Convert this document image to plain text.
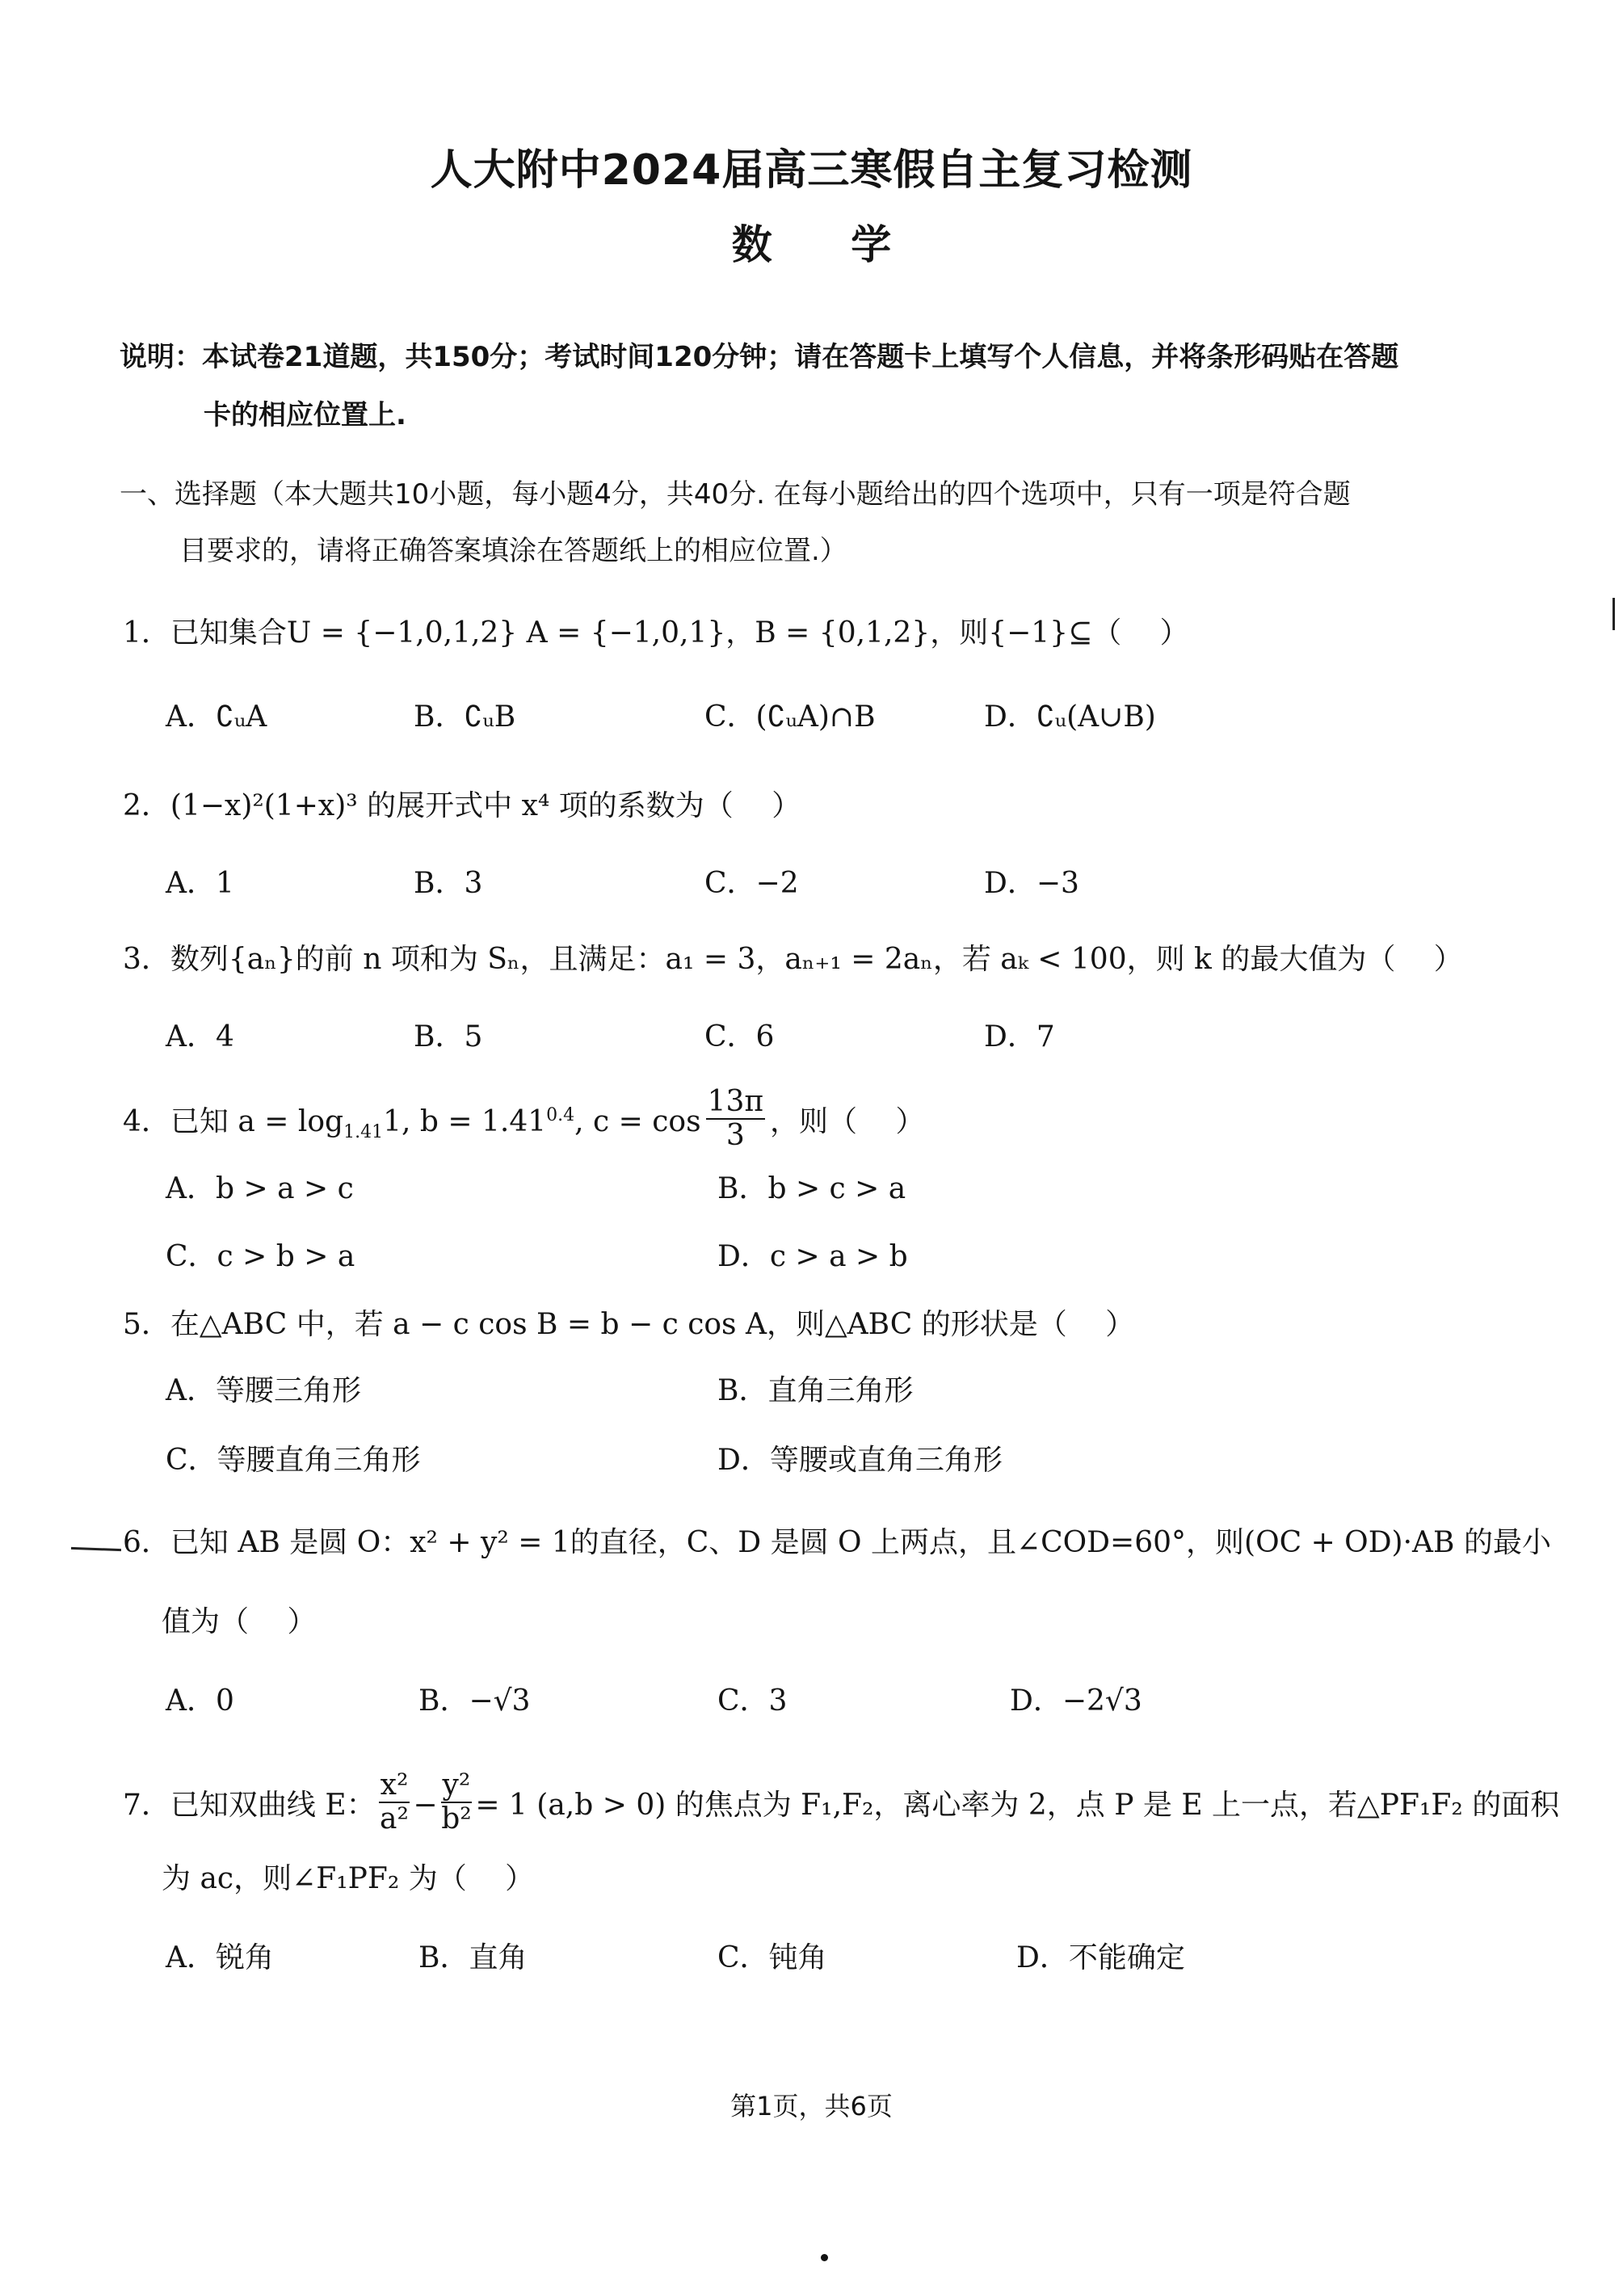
人大附中2024届高三寒假自主复习检测
数 学
说明：本试卷21道题，共150分；考试时间120分钟；请在答题卡上填写个人信息，并将条形码贴在答题
卡的相应位置上.
一、选择题（本大题共10小题，每小题4分，共40分. 在每小题给出的四个选项中，只有一项是符合题
目要求的，请将正确答案填涂在答题纸上的相应位置.）
1．已知集合U = {−1,0,1,2} A = {−1,0,1}，B = {0,1,2}，则{−1}⊆（　 ）
A．∁ᵤA	B．∁ᵤB	C．(∁ᵤA)∩B	D．∁ᵤ(A∪B)
2．(1−x)²(1+x)³ 的展开式中 x⁴ 项的系数为（　 ）
A．1	B．3	C．−2	D．−3
3．数列{aₙ}的前 n 项和为 Sₙ，且满足：a₁ = 3，aₙ₊₁ = 2aₙ，若 aₖ < 100，则 k 的最大值为（　 ）
A．4	B．5	C．6	D．7
4．已知 $a = \log_{1.41}1$, $b = 1.41^{0.4}$, $c = \cos \frac{13\pi}{3}$ ，则（　 ）
A．b > a > c	B．b > c > a
C．c > b > a	D．c > a > b
5．在△ABC 中，若 a − c cos B = b − c cos A，则△ABC 的形状是（　 ）
A．等腰三角形	B．直角三角形
C．等腰直角三角形	D．等腰或直角三角形
6．已知 AB 是圆 O：x² + y² = 1的直径，C、D 是圆 O 上两点，且∠COD=60°，则(OC + OD)·AB 的最小
值为（　 ）
A．0	B．−√3	C．3	D．−2√3
7．已知双曲线 E： $\frac{\text{x²}}{\text{a²}} - \frac{\text{y²}}{\text{b²}} = 1$ (a,b > 0) 的焦点为 F₁,F₂，离心率为 2，点 P 是 E 上一点，若△PF₁F₂ 的面积
为 ac，则∠F₁PF₂ 为（　 ）
A．锐角	B．直角	C．钝角	D．不能确定
第1页，共6页
